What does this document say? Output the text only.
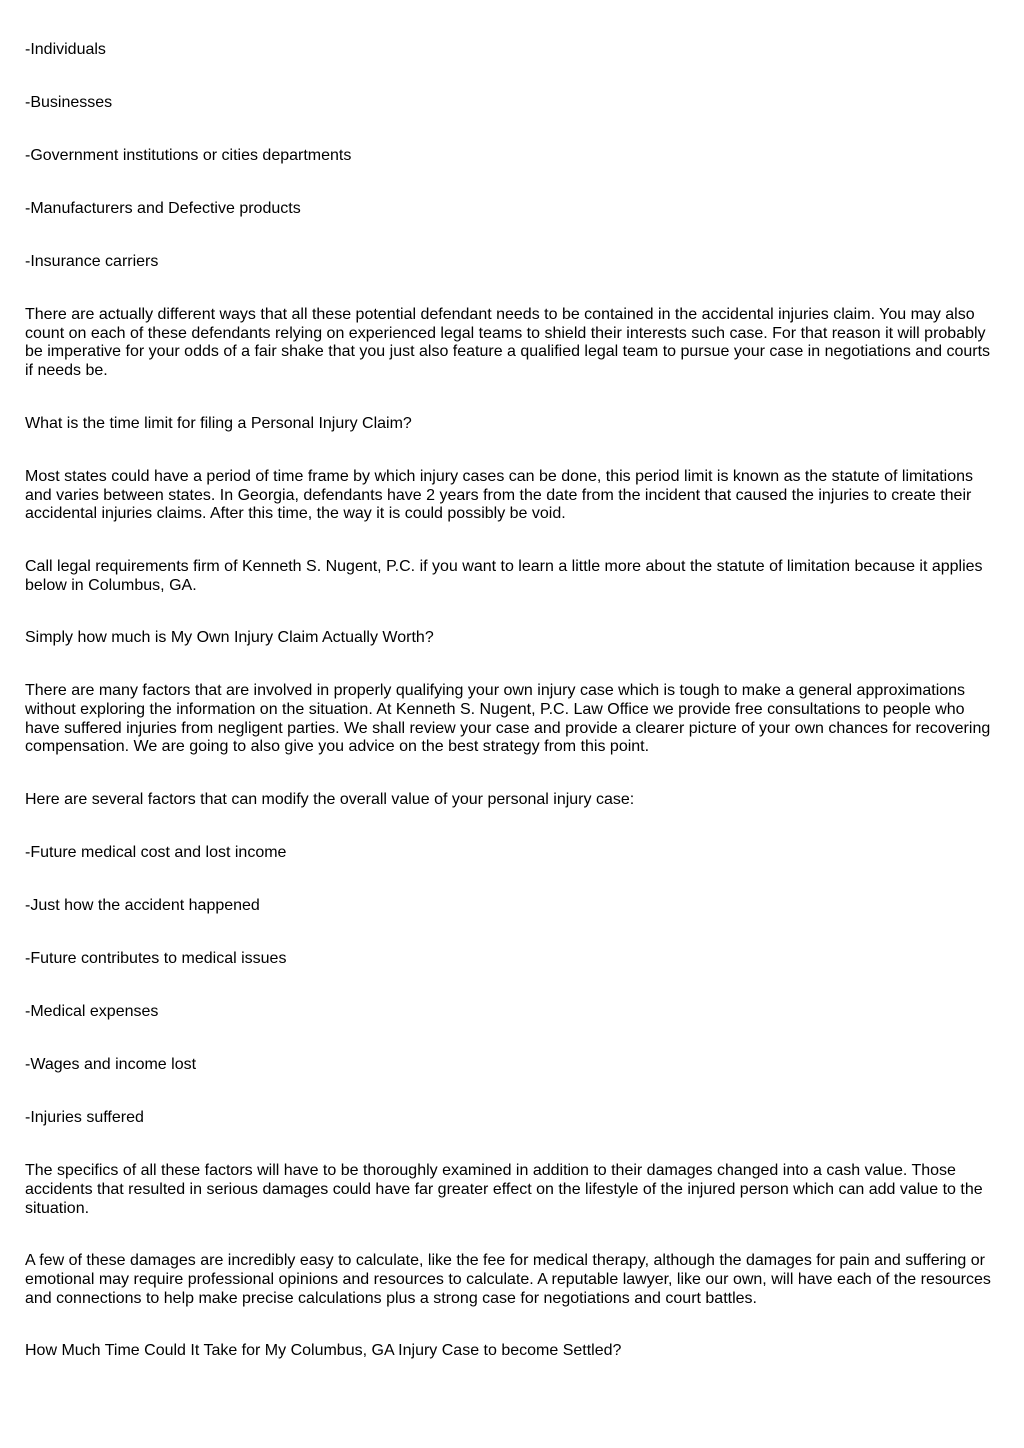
-Individuals

-Businesses

-Government institutions or cities departments

-Manufacturers and Defective products

-Insurance carriers

There are actually different ways that all these potential defendant needs to be contained in the accidental injuries claim. You may also count on each of these defendants relying on experienced legal teams to shield their interests such case. For that reason it will probably be imperative for your odds of a fair shake that you just also feature a qualified legal team to pursue your case in negotiations and courts if needs be.

What is the time limit for filing a Personal Injury Claim?

Most states could have a period of time frame by which injury cases can be done, this period limit is known as the statute of limitations and varies between states. In Georgia, defendants have 2 years from the date from the incident that caused the injuries to create their accidental injuries claims. After this time, the way it is could possibly be void.

Call legal requirements firm of Kenneth S. Nugent, P.C. if you want to learn a little more about the statute of limitation because it applies below in Columbus, GA.

Simply how much is My Own Injury Claim Actually Worth?

There are many factors that are involved in properly qualifying your own injury case which is tough to make a general approximations without exploring the information on the situation. At Kenneth S. Nugent, P.C. Law Office we provide free consultations to people who have suffered injuries from negligent parties. We shall review your case and provide a clearer picture of your own chances for recovering compensation. We are going to also give you advice on the best strategy from this point.

Here are several factors that can modify the overall value of your personal injury case:

-Future medical cost and lost income

-Just how the accident happened

-Future contributes to medical issues

-Medical expenses

-Wages and income lost

-Injuries suffered

The specifics of all these factors will have to be thoroughly examined in addition to their damages changed into a cash value. Those accidents that resulted in serious damages could have far greater effect on the lifestyle of the injured person which can add value to the situation.

A few of these damages are incredibly easy to calculate, like the fee for medical therapy, although the damages for pain and suffering or emotional may require professional opinions and resources to calculate. A reputable lawyer, like our own, will have each of the resources and connections to help make precise calculations plus a strong case for negotiations and court battles.

How Much Time Could It Take for My Columbus, GA Injury Case to become Settled?
